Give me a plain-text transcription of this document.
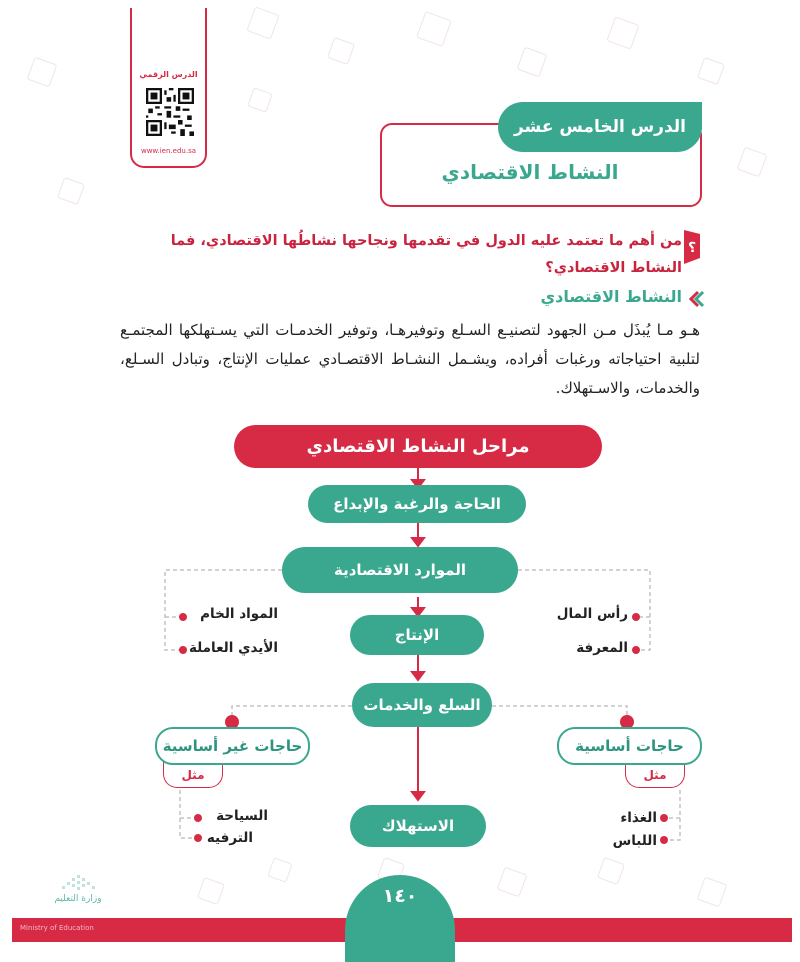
الدرس الرقمي
www.ien.edu.sa
الدرس الخامس عشر
النشاط الاقتصادي
؟
من أهم ما تعتمد عليه الدول في تقدمها ونجاحها نشاطُها الاقتصادي، فما النشاط الاقتصادي؟
النشاط الاقتصادي
هـو مـا يُبذَل مـن الجهود لتصنيـع السـلع وتوفيرهـا، وتوفير الخدمـات التي يسـتهلكها المجتمـع لتلبية احتياجاته ورغبات أفراده، ويشـمل النشـاط الاقتصـادي عمليات الإنتاج، وتبادل السـلع، والخدمات، والاسـتهلاك.
مراحل النشاط الاقتصادي
الحاجة والرغبة والإبداع
الموارد الاقتصادية
المواد الخام
الأيدي العاملة
رأس المال
المعرفة
الإنتاج
السلع والخدمات
مثل
حاجات غير أساسية
مثل
حاجات أساسية
السياحة
الترفيه
الغذاء
اللباس
الاستهلاك
١٤٠
وزارة التعليم
Ministry of Education
